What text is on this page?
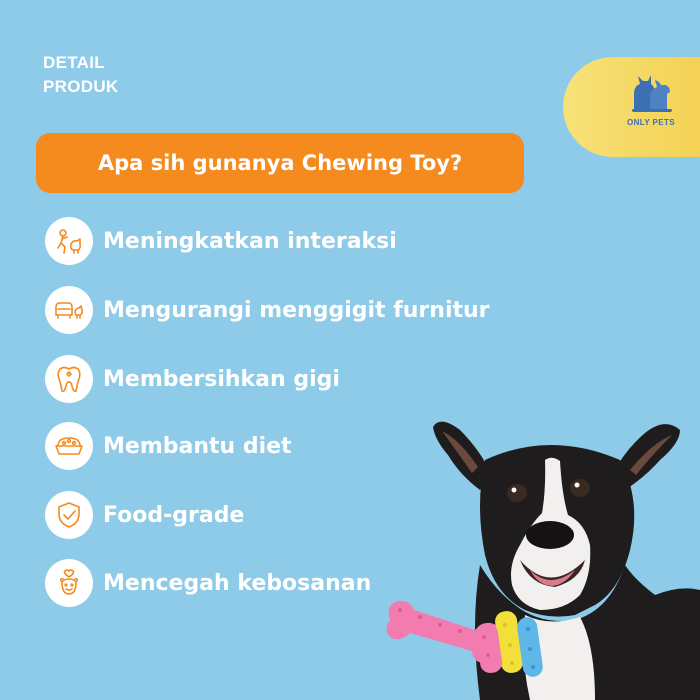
DETAIL
PRODUK
ONLY PETS
Apa sih gunanya Chewing Toy?
Meningkatkan interaksi
Mengurangi menggigit furnitur
Membersihkan gigi
Membantu diet
Food-grade
Mencegah kebosanan
